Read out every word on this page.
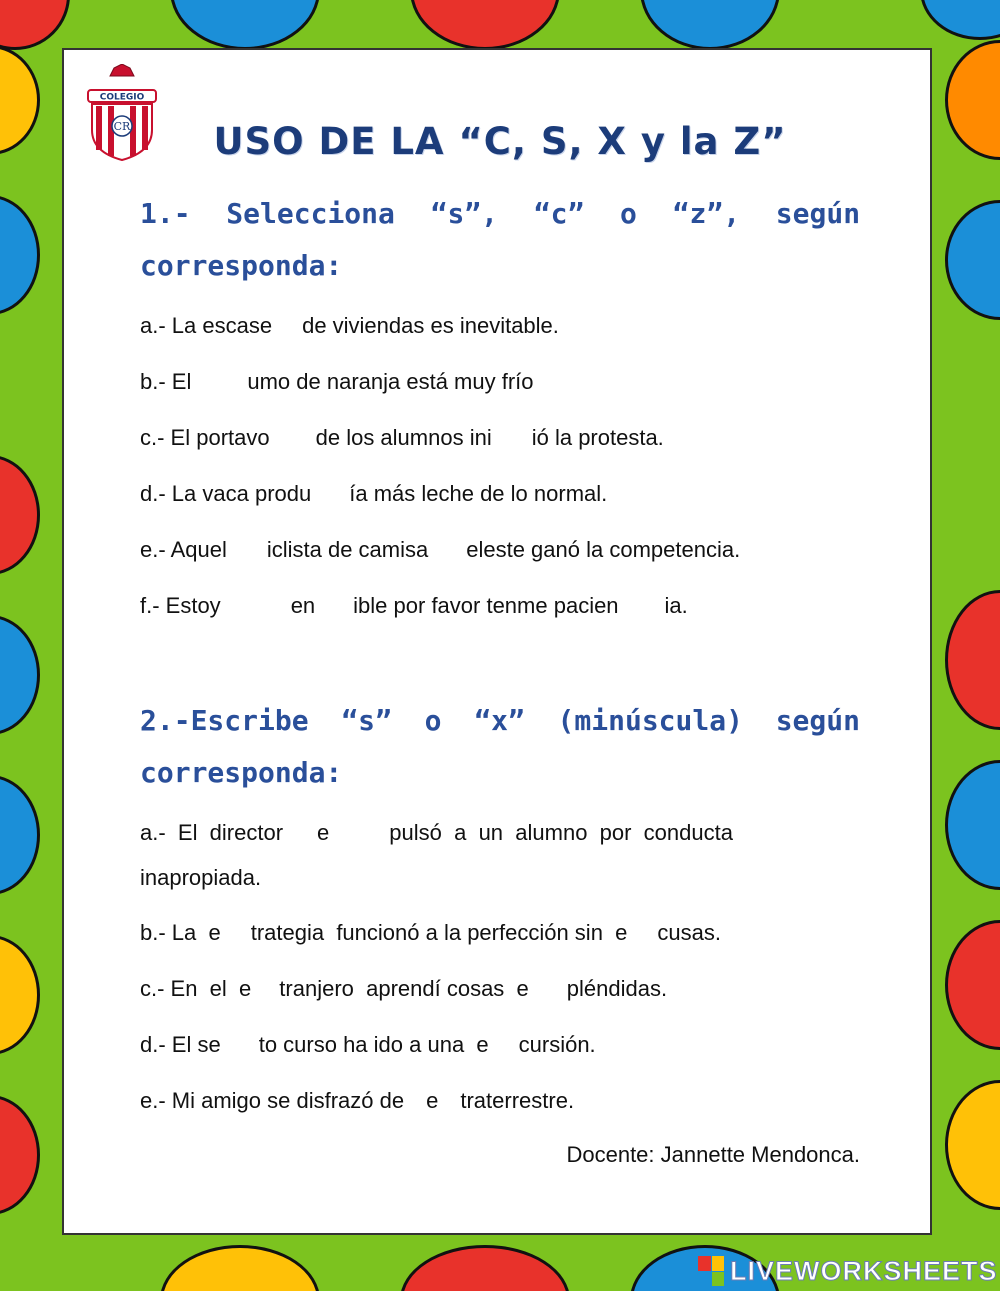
COLEGIO
CR	USO DE LA “C, S, X y la Z”
1.- Selecciona “s”, “c” o “z”, según
corresponda:
a.- La escase de viviendas es inevitable.
b.- El	umo de naranja está muy frío
c.- El portavo de los alumnos ini ió la protesta.
d.- La vaca produ ía más leche de lo normal.
e.- Aquel iclista de camisa eleste ganó la competencia.
f.- Estoy	en ible por favor tenme pacien ia.
2.-Escribe “s” o “x” (minúscula) según
corresponda:
a.-  El  director e	pulsó  a  un  alumno  por  conducta
inapropiada.
b.- La  e trategia  funcionó a la perfección sin  e cusas.
c.- En  el  e tranjero  aprendí cosas  e pléndidas.
d.- El se to curso ha ido a una  e cursión.
e.- Mi amigo se disfrazó de e traterrestre.
Docente: Jannette Mendonca.
LIVEWORKSHEETS
